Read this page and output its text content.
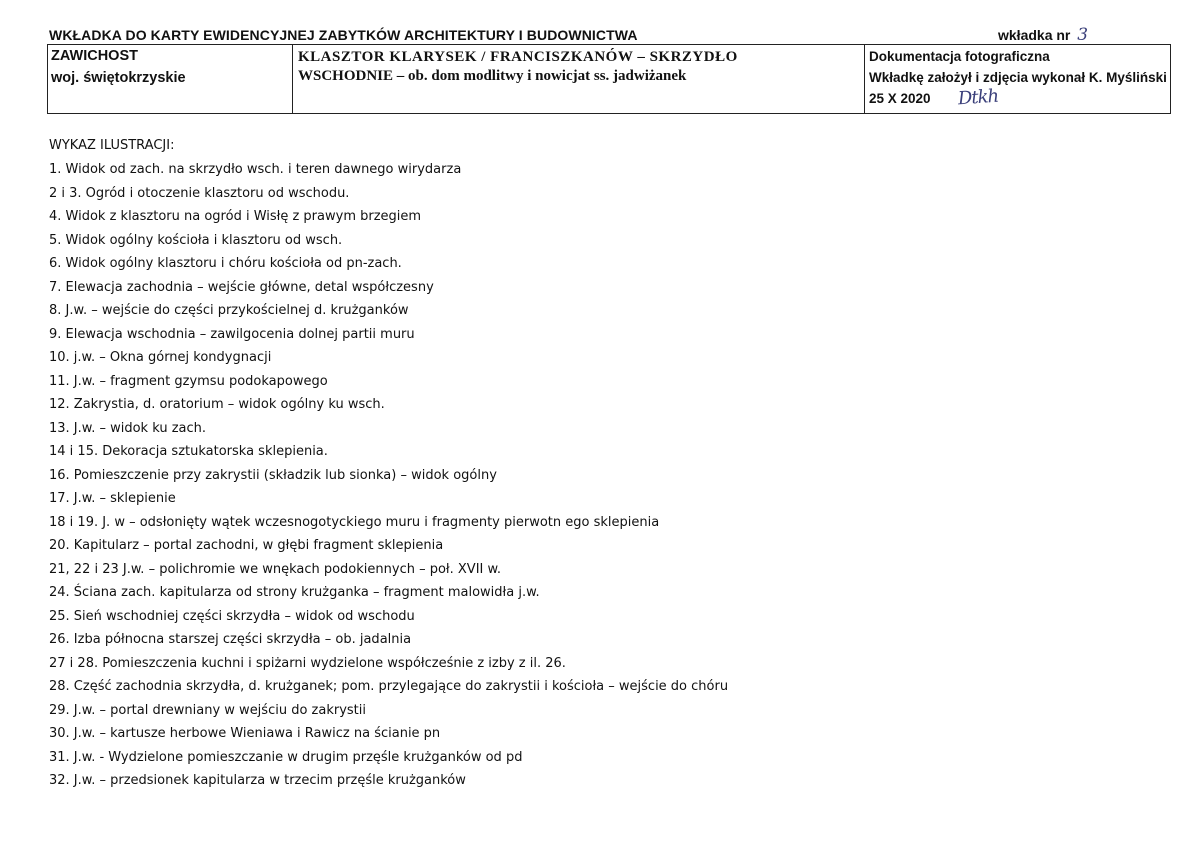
WKŁADKA DO KARTY EWIDENCYJNEJ ZABYTKÓW ARCHITEKTURY I BUDOWNICTWA	wkładka nr 3
ZAWICHOST
woj. świętokrzyskie
KLASZTOR KLARYSEK / FRANCISZKANÓW – SKRZYDŁO
WSCHODNIE – ob. dom modlitwy i nowicjat ss. jadwiżanek
Dokumentacja fotograficzna
Wkładkę założył i zdjęcia wykonał K. Myśliński
25 X 2020 Dtkh
WYKAZ ILUSTRACJI:
1. Widok od zach. na skrzydło wsch. i teren dawnego wirydarza
2 i 3. Ogród i otoczenie klasztoru od wschodu.
4. Widok z klasztoru na ogród i Wisłę z prawym brzegiem
5. Widok ogólny kościoła i klasztoru od wsch.
6. Widok ogólny klasztoru i chóru kościoła od pn-zach.
7. Elewacja zachodnia – wejście główne, detal współczesny
8. J.w. – wejście do części przykościelnej d. krużganków
9. Elewacja wschodnia – zawilgocenia dolnej partii muru
10. j.w. – Okna górnej kondygnacji
11. J.w. – fragment gzymsu podokapowego
12. Zakrystia, d. oratorium – widok ogólny ku wsch.
13. J.w. – widok ku zach.
14 i 15. Dekoracja sztukatorska sklepienia.
16. Pomieszczenie przy zakrystii (składzik lub sionka) – widok ogólny
17. J.w. – sklepienie
18 i 19. J. w – odsłonięty wątek wczesnogotyckiego muru i fragmenty pierwotn ego sklepienia
20. Kapitularz – portal zachodni, w głębi fragment sklepienia
21, 22 i 23 J.w. – polichromie we wnękach podokiennych – poł. XVII w.
24. Ściana zach. kapitularza od strony krużganka – fragment malowidła j.w.
25. Sień wschodniej części skrzydła – widok od wschodu
26. Izba północna starszej części skrzydła – ob. jadalnia
27 i 28. Pomieszczenia kuchni i spiżarni wydzielone współcześnie z izby z il. 26.
28. Część zachodnia skrzydła, d. krużganek; pom. przylegające do zakrystii i kościoła – wejście do chóru
29. J.w. – portal drewniany w wejściu do zakrystii
30. J.w. – kartusze herbowe Wieniawa i Rawicz na ścianie pn
31. J.w. - Wydzielone pomieszczanie w drugim przęśle krużganków od pd
32. J.w. – przedsionek kapitularza w trzecim przęśle krużganków
